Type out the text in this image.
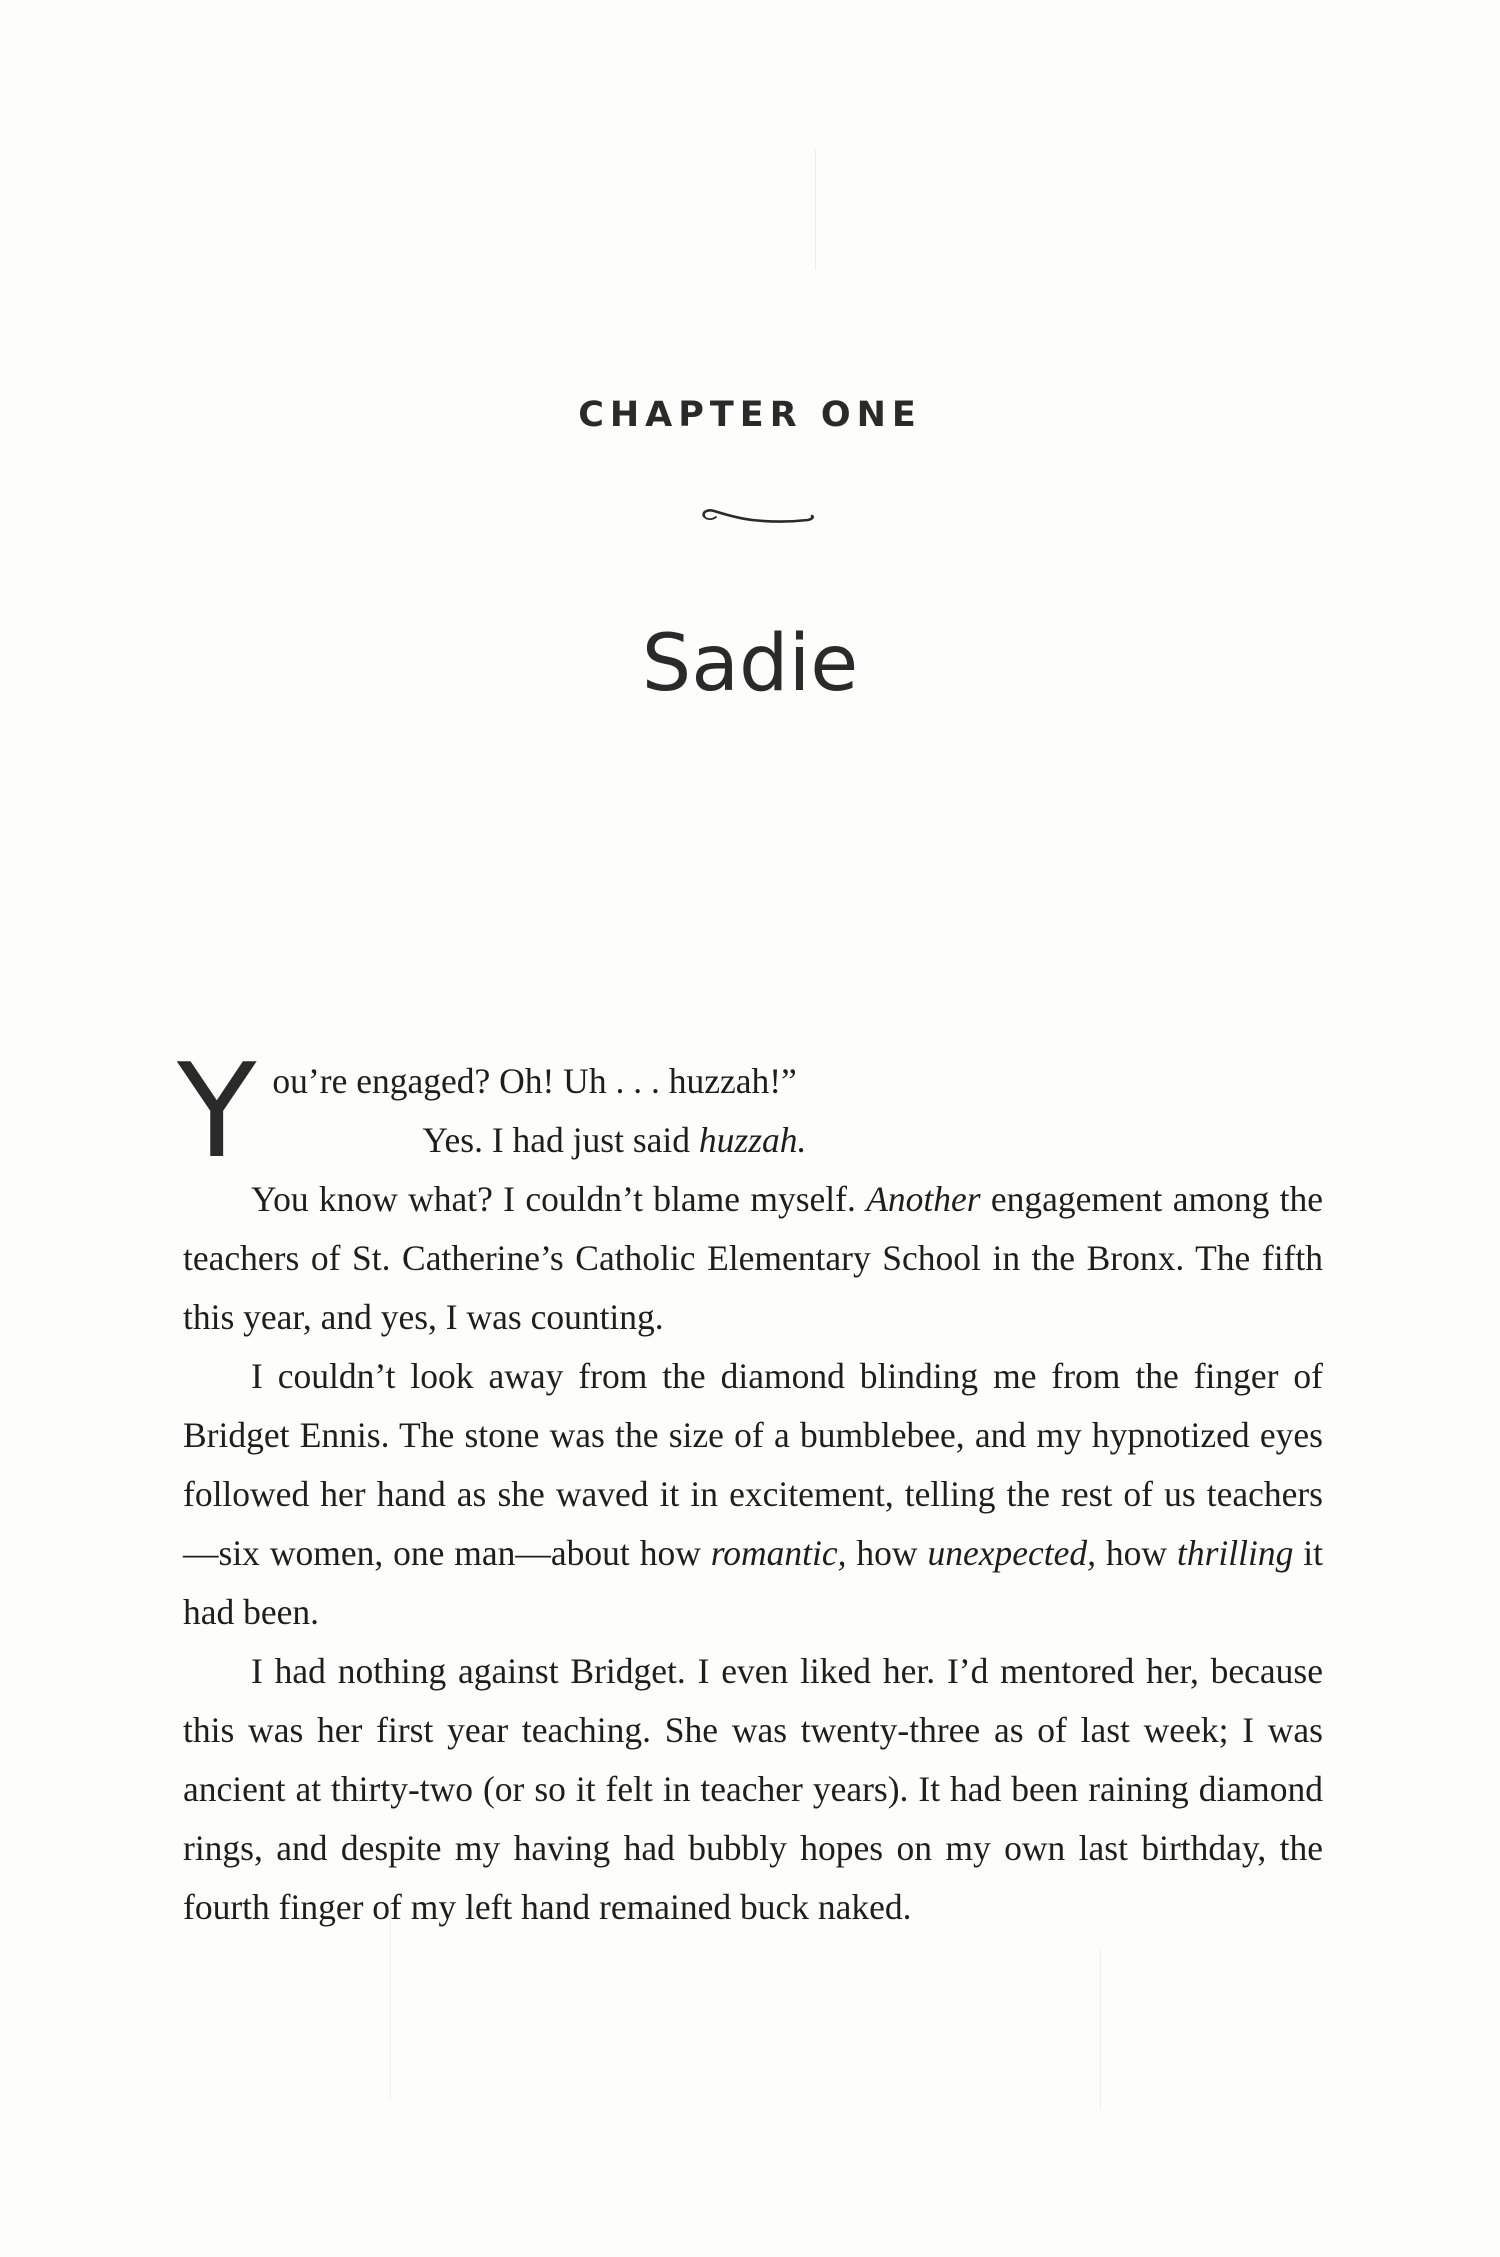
CHAPTER ONE
Sadie

Y ou’re engaged? Oh! Uh . . . huzzah!”

Yes. I had just said huzzah.

You know what? I couldn’t blame myself. Another engagement among the teachers of St. Catherine’s Catholic Elementary School in the Bronx. The fifth this year, and yes, I was counting.

I couldn’t look away from the diamond blinding me from the finger of Bridget Ennis. The stone was the size of a bumblebee, and my hypnotized eyes followed her hand as she waved it in excitement, telling the rest of us teachers—six women, one man—about how romantic, how unexpected, how thrilling it had been.

I had nothing against Bridget. I even liked her. I’d mentored her, because this was her first year teaching. She was twenty-three as of last week; I was ancient at thirty-two (or so it felt in teacher years). It had been raining diamond rings, and despite my having had bubbly hopes on my own last birthday, the fourth finger of my left hand remained buck naked.
